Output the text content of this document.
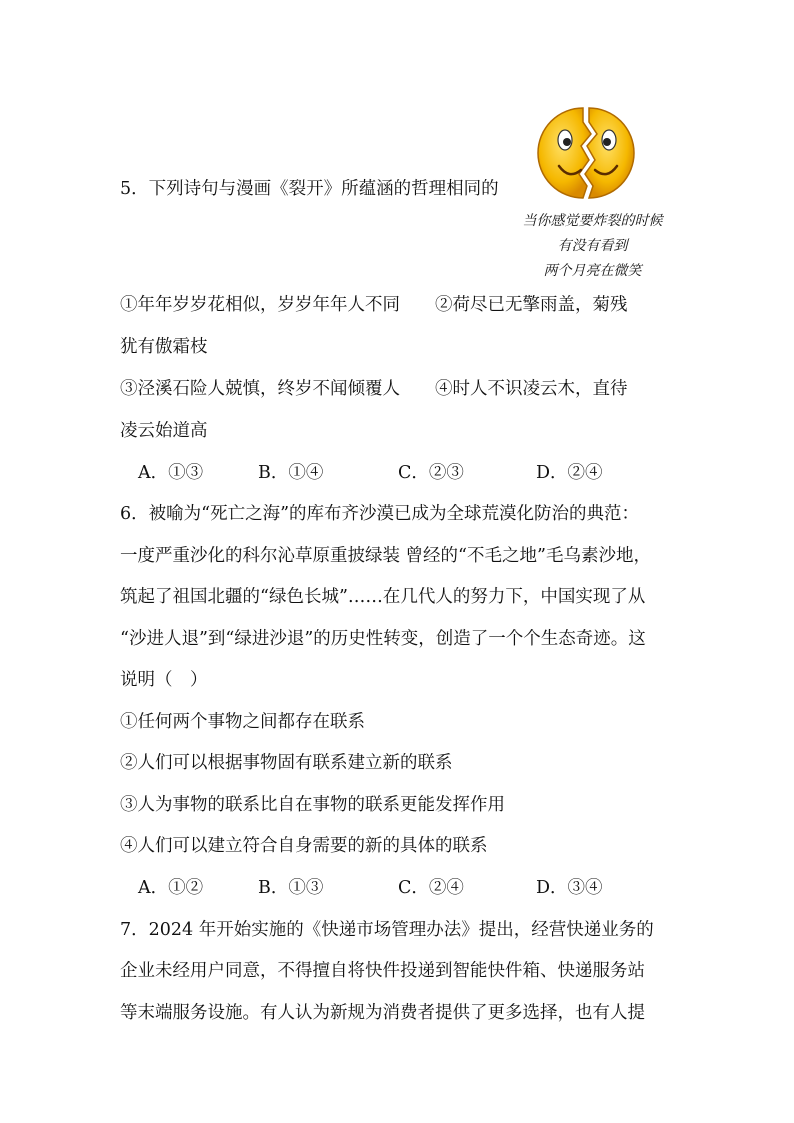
当你感觉要炸裂的时候
有没有看到
两个月亮在微笑
5．下列诗句与漫画《裂开》所蕴涵的哲理相同的
①年年岁岁花相似，岁岁年年人不同　　②荷尽已无擎雨盖，菊残
犹有傲霜枝
③泾溪石险人兢慎，终岁不闻倾覆人　　④时人不识凌云木，直待
凌云始道高
A．①③	B．①④	C．②③	D．②④
6．被喻为“死亡之海”的库布齐沙漠已成为全球荒漠化防治的典范：
一度严重沙化的科尔沁草原重披绿装 曾经的“不毛之地”毛乌素沙地，
筑起了祖国北疆的“绿色长城”……在几代人的努力下，中国实现了从
“沙进人退”到“绿进沙退”的历史性转变，创造了一个个生态奇迹。这
说明（　）
①任何两个事物之间都存在联系
②人们可以根据事物固有联系建立新的联系
③人为事物的联系比自在事物的联系更能发挥作用
④人们可以建立符合自身需要的新的具体的联系
A．①②	B．①③	C．②④	D．③④
7．2024 年开始实施的《快递市场管理办法》提出，经营快递业务的
企业未经用户同意，不得擅自将快件投递到智能快件箱、快递服务站
等末端服务设施。有人认为新规为消费者提供了更多选择，也有人提
